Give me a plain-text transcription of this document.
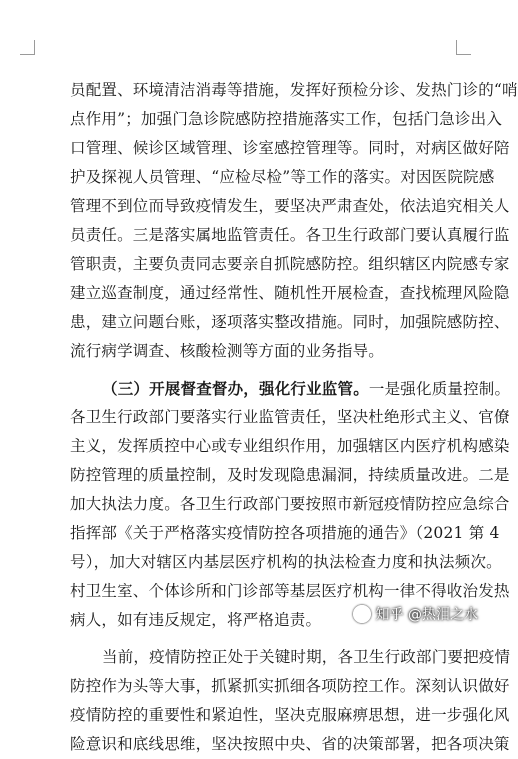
员配置、环境清洁消毒等措施，发挥好预检分诊、发热门诊的“哨
点作用”；加强门急诊院感防控措施落实工作，包括门急诊出入
口管理、候诊区域管理、诊室感控管理等。同时，对病区做好陪
护及探视人员管理、“应检尽检”等工作的落实。对因医院院感
管理不到位而导致疫情发生，要坚决严肃查处，依法追究相关人
员责任。三是落实属地监管责任。各卫生行政部门要认真履行监
管职责，主要负责同志要亲自抓院感防控。组织辖区内院感专家
建立巡查制度，通过经常性、随机性开展检查，查找梳理风险隐
患，建立问题台账，逐项落实整改措施。同时，加强院感防控、
流行病学调查、核酸检测等方面的业务指导。
（三）开展督查督办，强化行业监管。一是强化质量控制。
各卫生行政部门要落实行业监管责任，坚决杜绝形式主义、官僚
主义，发挥质控中心或专业组织作用，加强辖区内医疗机构感染
防控管理的质量控制，及时发现隐患漏洞，持续质量改进。二是
加大执法力度。各卫生行政部门要按照市新冠疫情防控应急综合
指挥部《关于严格落实疫情防控各项措施的通告》（2021 第 4
号），加大对辖区内基层医疗机构的执法检查力度和执法频次。
村卫生室、个体诊所和门诊部等基层医疗机构一律不得收治发热
病人，如有违反规定，将严格追责。
当前，疫情防控正处于关键时期，各卫生行政部门要把疫情
防控作为头等大事，抓紧抓实抓细各项防控工作。深刻认识做好
疫情防控的重要性和紧迫性，坚决克服麻痹思想，进一步强化风
险意识和底线思维，坚决按照中央、省的决策部署，把各项决策
知乎 @热泪之水
